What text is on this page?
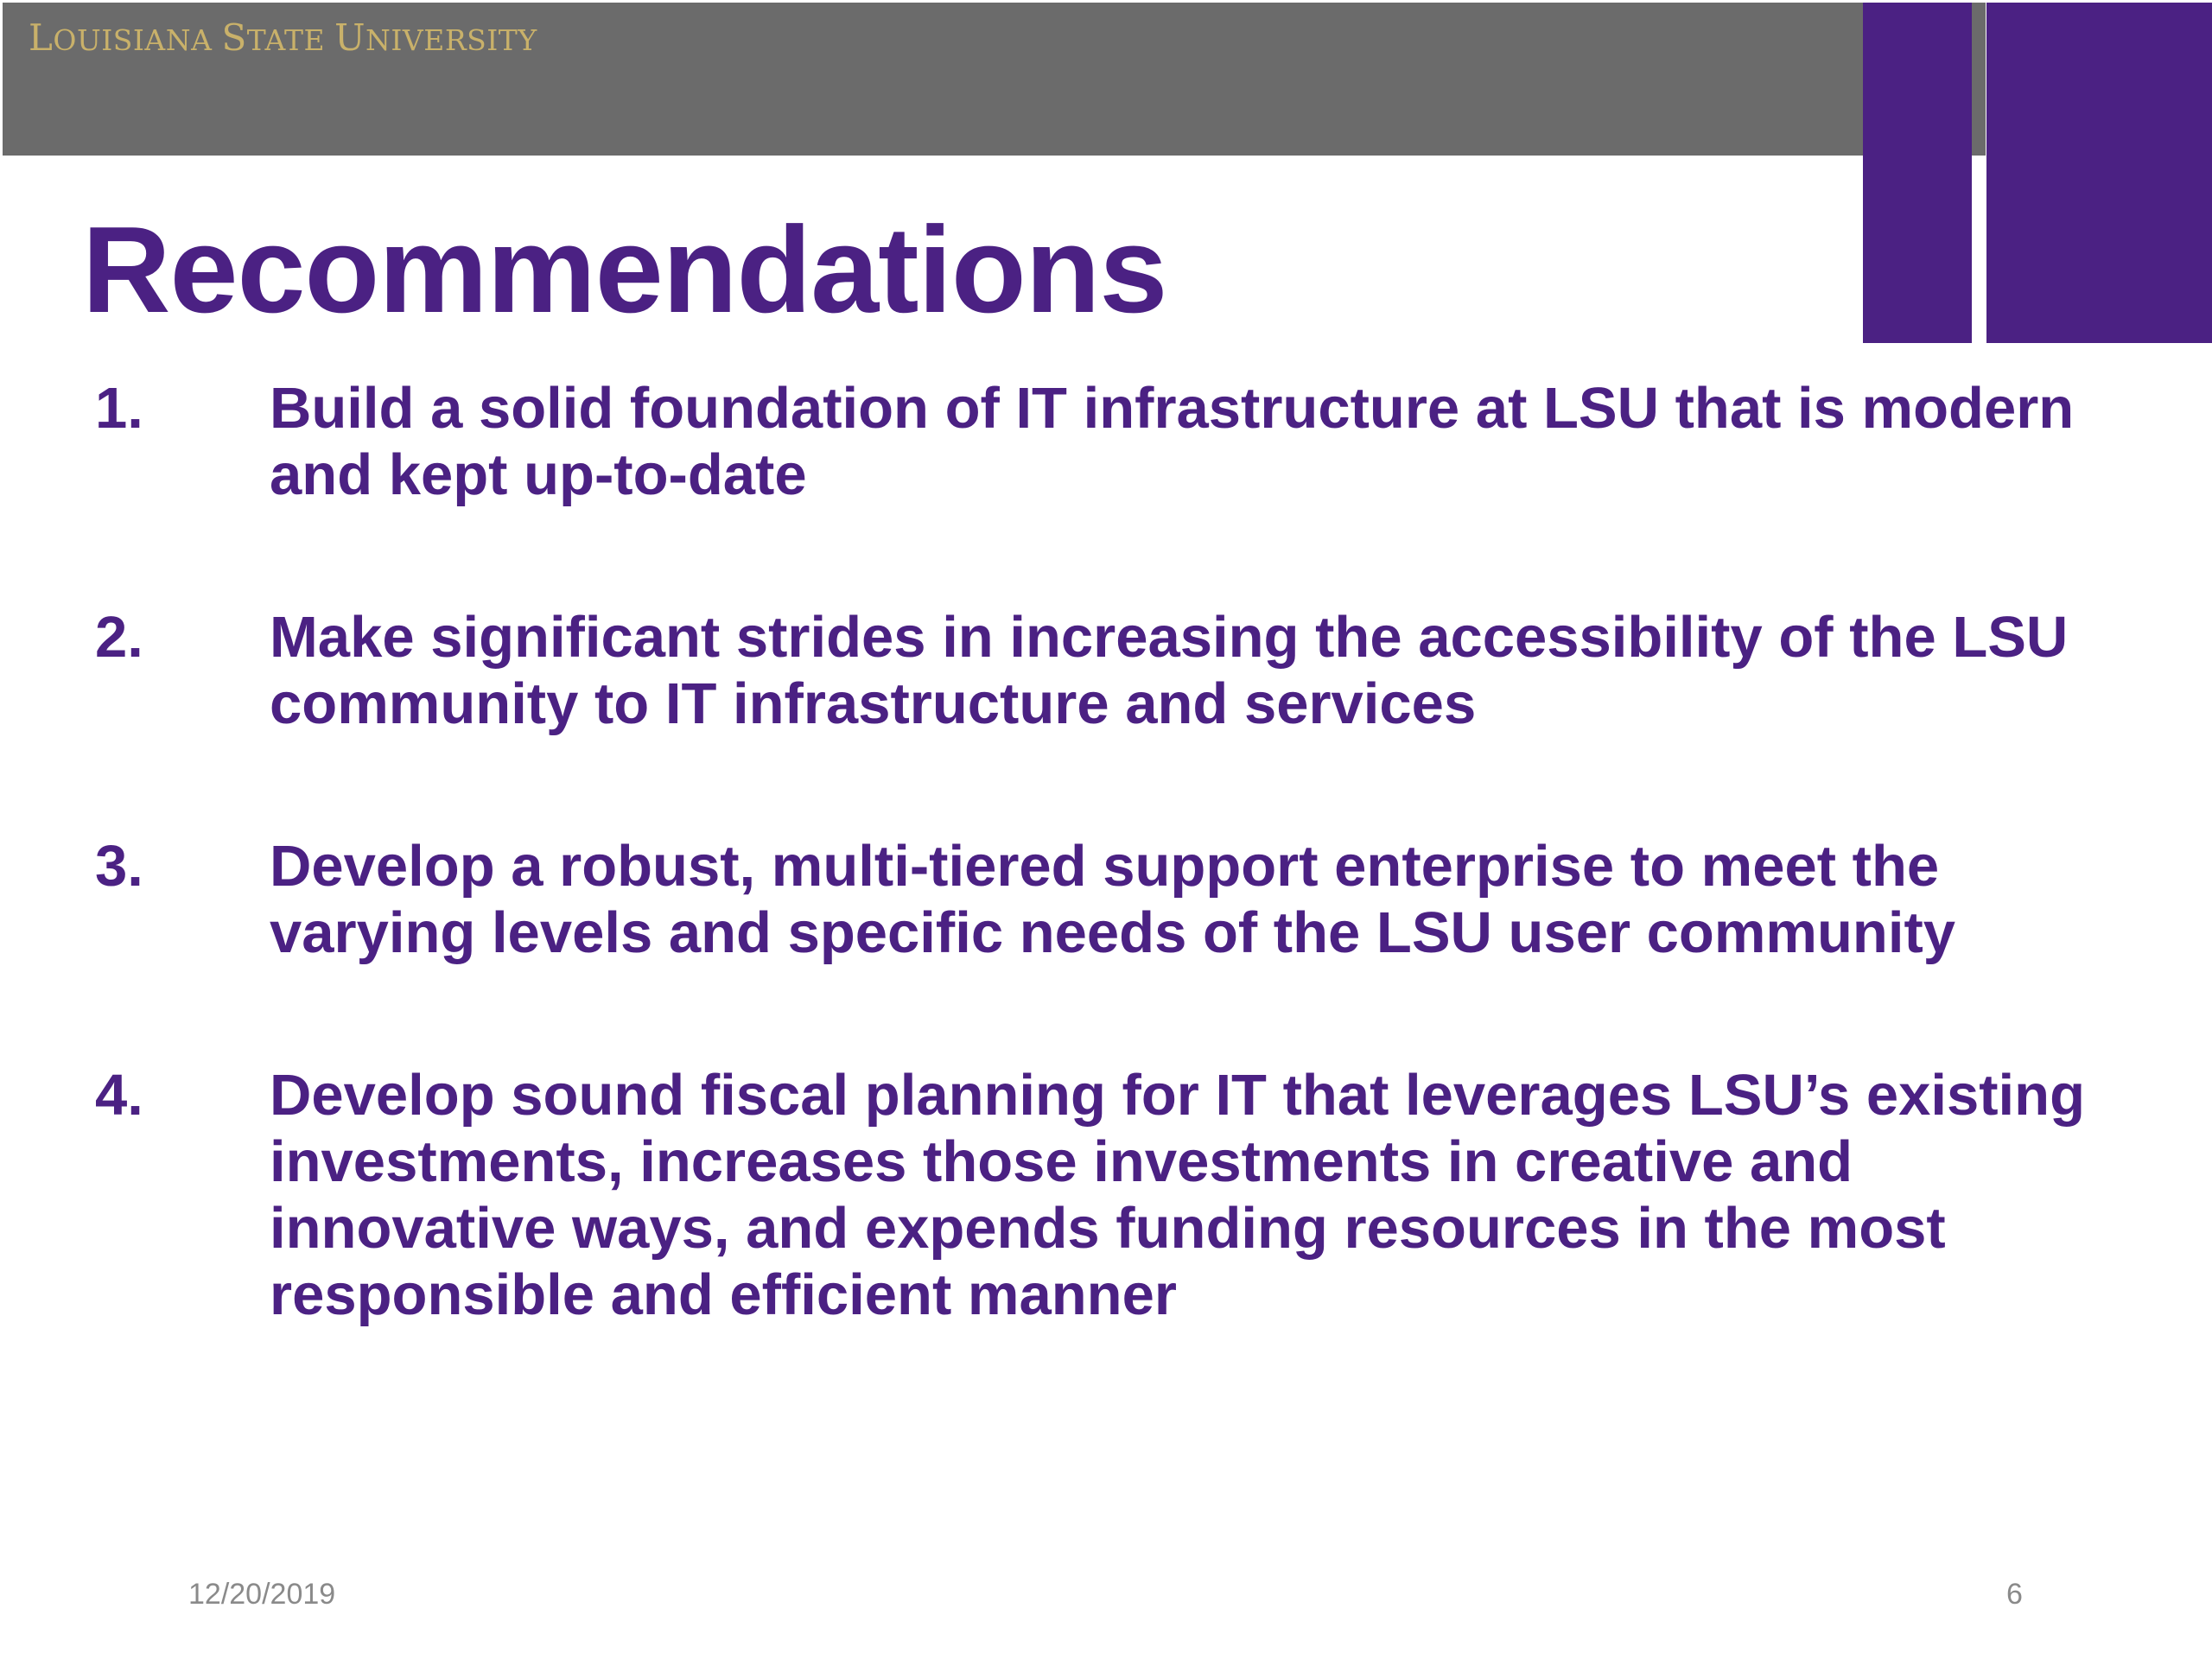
LOUISIANA STATE UNIVERSITY
Recommendations
1. Build a solid foundation of IT infrastructure at LSU that is modern and kept up-to-date
2. Make significant strides in increasing the accessibility of the LSU community to IT infrastructure and services
3. Develop a robust, multi-tiered support enterprise to meet the varying levels and specific needs of the LSU user community
4. Develop sound fiscal planning for IT that leverages LSU’s existing investments, increases those investments in creative and innovative ways, and expends funding resources in the most responsible and efficient manner
12/20/2019	6
